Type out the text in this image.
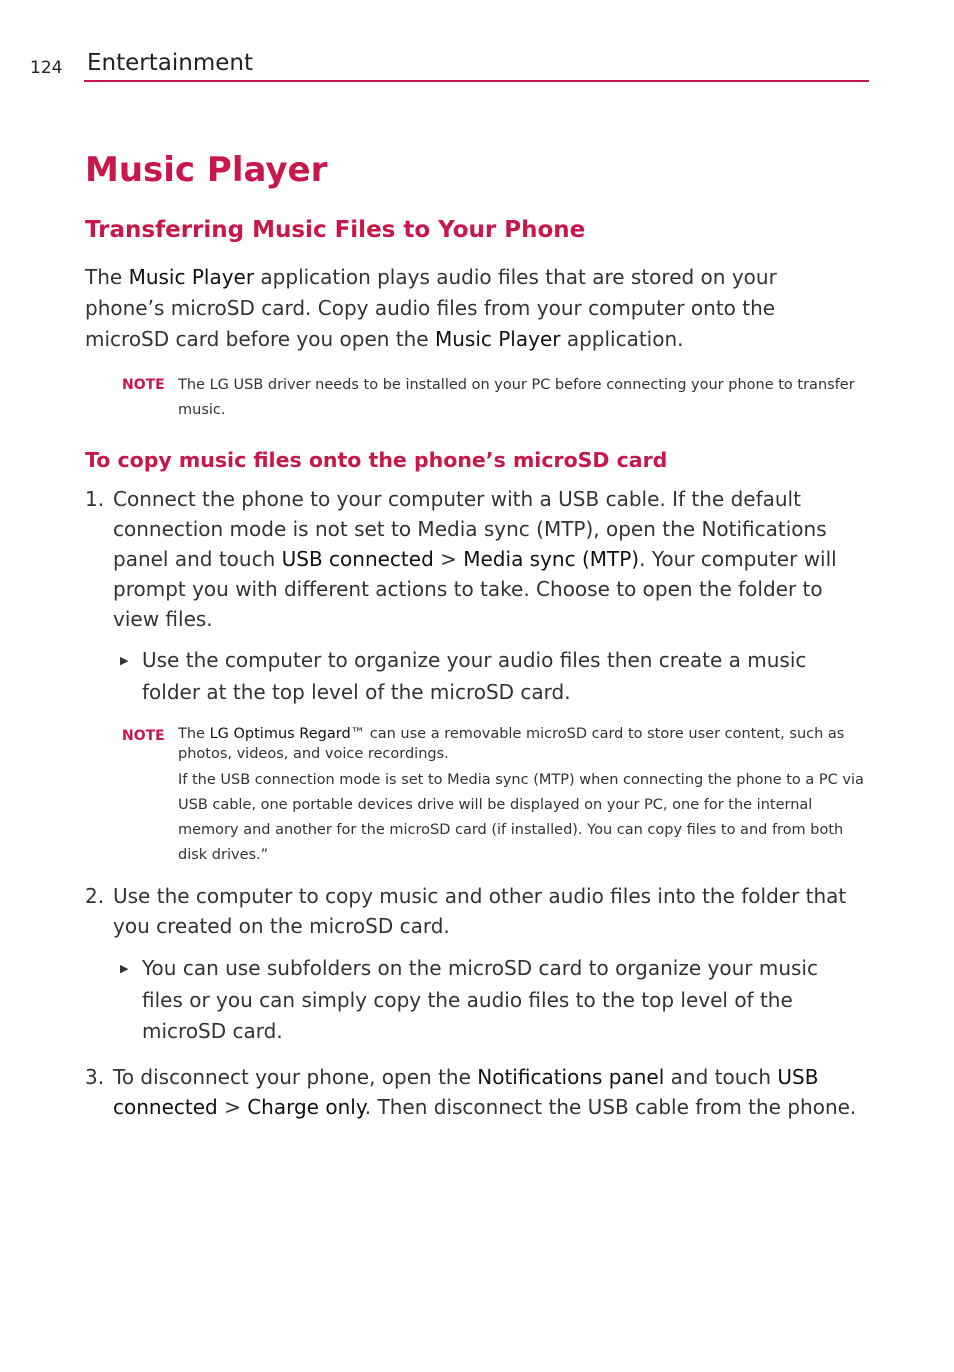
124 Entertainment
Music Player
Transferring Music Files to Your Phone

The Music Player application plays audio files that are stored on your phone’s microSD card. Copy audio files from your computer onto the microSD card before you open the Music Player application.

NOTE The LG USB driver needs to be installed on your PC before connecting your phone to transfer music.

To copy music files onto the phone’s microSD card
1. Connect the phone to your computer with a USB cable. If the default connection mode is not set to Media sync (MTP), open the Notifications panel and touch USB connected > Media sync (MTP). Your computer will prompt you with different actions to take. Choose to open the folder to view files.
▶ Use the computer to organize your audio files then create a music folder at the top level of the microSD card.
NOTE The LG Optimus Regard™ can use a removable microSD card to store user content, such as photos, videos, and voice recordings.

If the USB connection mode is set to Media sync (MTP) when connecting the phone to a PC via USB cable, one portable devices drive will be displayed on your PC, one for the internal memory and another for the microSD card (if installed). You can copy files to and from both disk drives.”

2. Use the computer to copy music and other audio files into the folder that you created on the microSD card.
▶ You can use subfolders on the microSD card to organize your music files or you can simply copy the audio files to the top level of the microSD card.
3. To disconnect your phone, open the Notifications panel and touch USB connected > Charge only. Then disconnect the USB cable from the phone.
